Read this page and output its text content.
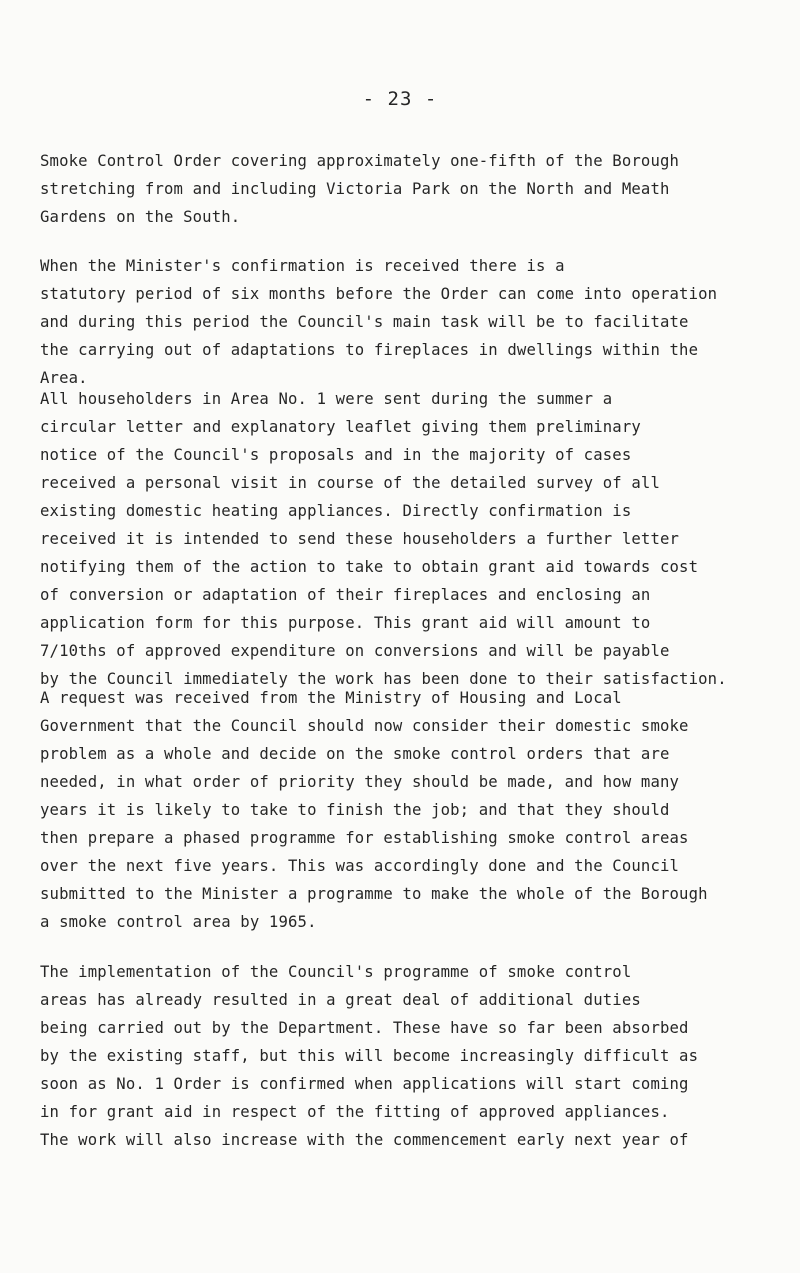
- 23 -
Smoke Control Order covering approximately one-fifth of the Borough
stretching from and including Victoria Park on the North and Meath
Gardens on the South.
When the Minister's confirmation is received there is a
statutory period of six months before the Order can come into operation
and during this period the Council's main task will be to facilitate
the carrying out of adaptations to fireplaces in dwellings within the
Area.
All householders in Area No. 1 were sent during the summer a
circular letter and explanatory leaflet giving them preliminary
notice of the Council's proposals and in the majority of cases
received a personal visit in course of the detailed survey of all
existing domestic heating appliances. Directly confirmation is
received it is intended to send these householders a further letter
notifying them of the action to take to obtain grant aid towards cost
of conversion or adaptation of their fireplaces and enclosing an
application form for this purpose. This grant aid will amount to
7/10ths of approved expenditure on conversions and will be payable
by the Council immediately the work has been done to their satisfaction.
A request was received from the Ministry of Housing and Local
Government that the Council should now consider their domestic smoke
problem as a whole and decide on the smoke control orders that are
needed, in what order of priority they should be made, and how many
years it is likely to take to finish the job; and that they should
then prepare a phased programme for establishing smoke control areas
over the next five years. This was accordingly done and the Council
submitted to the Minister a programme to make the whole of the Borough
a smoke control area by 1965.
The implementation of the Council's programme of smoke control
areas has already resulted in a great deal of additional duties
being carried out by the Department. These have so far been absorbed
by the existing staff, but this will become increasingly difficult as
soon as No. 1 Order is confirmed when applications will start coming
in for grant aid in respect of the fitting of approved appliances.
The work will also increase with the commencement early next year of
